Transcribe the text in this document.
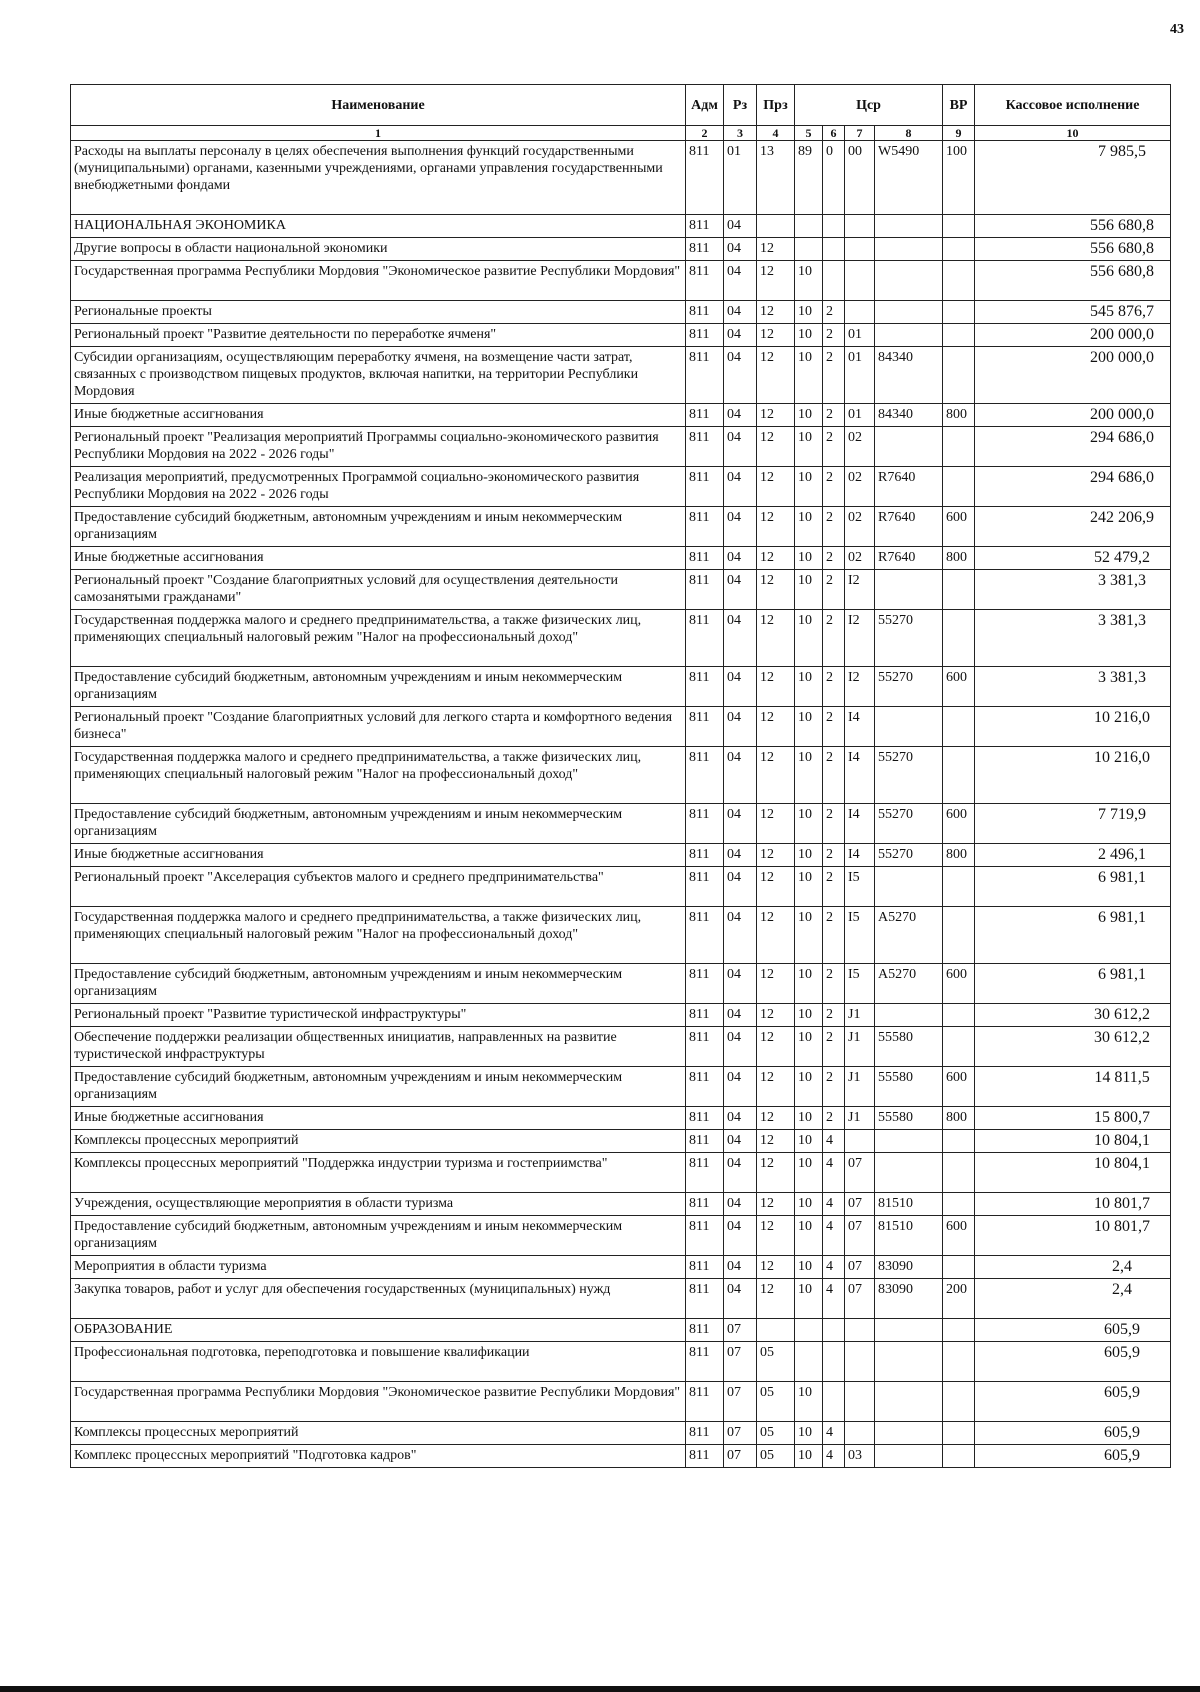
43
Наименование	Адм	Рз	Прз	Цср				ВР	Кассовое исполнение
1	2	3	4	5	6	7	8	9	10
Расходы на выплаты персоналу в целях обеспечения выполнения функций государственными (муниципальными) органами, казенными учреждениями, органами управления государственными внебюджетными фондами	811	01	13	89	0	00	W5490	100	7 985,5
НАЦИОНАЛЬНАЯ ЭКОНОМИКА	811	04							556 680,8
Другие вопросы в области национальной экономики	811	04	12						556 680,8
Государственная программа Республики Мордовия "Экономическое развитие Республики Мордовия"	811	04	12	10					556 680,8
Региональные проекты	811	04	12	10	2				545 876,7
Региональный проект "Развитие деятельности по переработке ячменя"	811	04	12	10	2	01			200 000,0
Субсидии организациям, осуществляющим переработку ячменя, на возмещение части затрат, связанных с производством пищевых продуктов, включая напитки, на территории Республики Мордовия	811	04	12	10	2	01	84340		200 000,0
Иные бюджетные ассигнования	811	04	12	10	2	01	84340	800	200 000,0
Региональный проект "Реализация мероприятий Программы социально-экономического развития Республики Мордовия на 2022 - 2026 годы"	811	04	12	10	2	02			294 686,0
Реализация мероприятий, предусмотренных Программой социально-экономического развития Республики Мордовия на 2022 - 2026 годы	811	04	12	10	2	02	R7640		294 686,0
Предоставление субсидий бюджетным, автономным учреждениям и иным некоммерческим организациям	811	04	12	10	2	02	R7640	600	242 206,9
Иные бюджетные ассигнования	811	04	12	10	2	02	R7640	800	52 479,2
Региональный проект "Создание благоприятных условий для осуществления деятельности самозанятыми гражданами"	811	04	12	10	2	I2			3 381,3
Государственная поддержка малого и среднего предпринимательства, а также физических лиц, применяющих специальный налоговый режим "Налог на профессиональный доход"	811	04	12	10	2	I2	55270		3 381,3
Предоставление субсидий бюджетным, автономным учреждениям и иным некоммерческим организациям	811	04	12	10	2	I2	55270	600	3 381,3
Региональный проект "Создание благоприятных условий для легкого старта и комфортного ведения бизнеса"	811	04	12	10	2	I4			10 216,0
Государственная поддержка малого и среднего предпринимательства, а также физических лиц, применяющих специальный налоговый режим "Налог на профессиональный доход"	811	04	12	10	2	I4	55270		10 216,0
Предоставление субсидий бюджетным, автономным учреждениям и иным некоммерческим организациям	811	04	12	10	2	I4	55270	600	7 719,9
Иные бюджетные ассигнования	811	04	12	10	2	I4	55270	800	2 496,1
Региональный проект "Акселерация субъектов малого и среднего предпринимательства"	811	04	12	10	2	I5			6 981,1
Государственная поддержка малого и среднего предпринимательства, а также физических лиц, применяющих специальный налоговый режим "Налог на профессиональный доход"	811	04	12	10	2	I5	A5270		6 981,1
Предоставление субсидий бюджетным, автономным учреждениям и иным некоммерческим организациям	811	04	12	10	2	I5	A5270	600	6 981,1
Региональный проект "Развитие туристической инфраструктуры"	811	04	12	10	2	J1			30 612,2
Обеспечение поддержки реализации общественных инициатив, направленных на развитие туристической инфраструктуры	811	04	12	10	2	J1	55580		30 612,2
Предоставление субсидий бюджетным, автономным учреждениям и иным некоммерческим организациям	811	04	12	10	2	J1	55580	600	14 811,5
Иные бюджетные ассигнования	811	04	12	10	2	J1	55580	800	15 800,7
Комплексы процессных мероприятий	811	04	12	10	4				10 804,1
Комплексы процессных мероприятий "Поддержка индустрии туризма и гостеприимства"	811	04	12	10	4	07			10 804,1
Учреждения, осуществляющие мероприятия в области туризма	811	04	12	10	4	07	81510		10 801,7
Предоставление субсидий бюджетным, автономным учреждениям и иным некоммерческим организациям	811	04	12	10	4	07	81510	600	10 801,7
Мероприятия в области туризма	811	04	12	10	4	07	83090		2,4
Закупка товаров, работ и услуг для обеспечения государственных (муниципальных) нужд	811	04	12	10	4	07	83090	200	2,4
ОБРАЗОВАНИЕ	811	07							605,9
Профессиональная подготовка, переподготовка и повышение квалификации	811	07	05						605,9
Государственная программа Республики Мордовия "Экономическое развитие Республики Мордовия"	811	07	05	10					605,9
Комплексы процессных мероприятий	811	07	05	10	4				605,9
Комплекс процессных мероприятий "Подготовка кадров"	811	07	05	10	4	03			605,9
